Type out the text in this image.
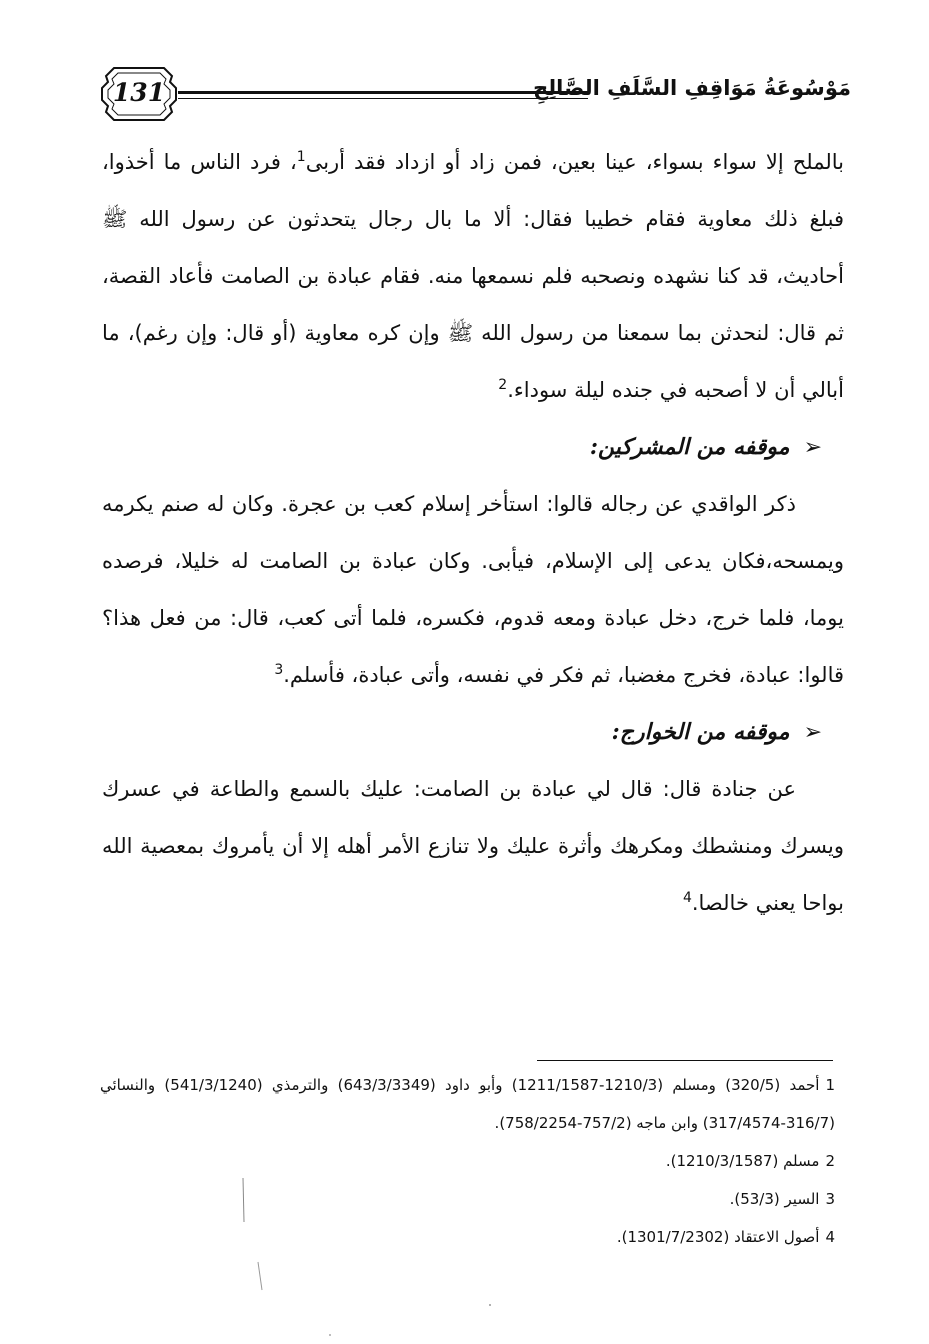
131	مَوْسُوعَةُ مَوَاقِفِ السَّلَفِ الصَّالِحِ

بالملح إلا سواء بسواء، عينا بعين، فمن زاد أو ازداد فقد أربى$^1$، فرد الناس ما أخذوا، فبلغ ذلك معاوية فقام خطيبا فقال: ألا ما بال رجال يتحدثون عن رسول الله ﷺ أحاديث، قد كنا نشهده ونصحبه فلم نسمعها منه. فقام عبادة بن الصامت فأعاد القصة، ثم قال: لنحدثن بما سمعنا من رسول الله ﷺ وإن كره معاوية (أو قال: وإن رغم)، ما أبالي أن لا أصحبه في جنده ليلة سوداء.$^2$

➢موقفه من المشركين:

ذكر الواقدي عن رجاله قالوا: استأخر إسلام كعب بن عجرة. وكان له صنم يكرمه ويمسحه،فكان يدعى إلى الإسلام، فيأبى. وكان عبادة بن الصامت له خليلا، فرصده يوما، فلما خرج، دخل عبادة ومعه قدوم، فكسره، فلما أتى كعب، قال: من فعل هذا؟ قالوا: عبادة، فخرج مغضبا، ثم فكر في نفسه، وأتى عبادة، فأسلم.$^3$

➢موقفه من الخوارج:

عن جنادة قال: قال لي عبادة بن الصامت: عليك بالسمع والطاعة في عسرك ويسرك ومنشطك ومكرهك وأثرة عليك ولا تنازع الأمر أهله إلا أن يأمروك بمعصية الله بواحا يعني خالصا.$^4$

1أحمد (320/5) ومسلم (1210/3-1211/1587) وأبو داود (643/3/3349) والترمذي (541/3/1240) والنسائي (316/7-317/4574) وابن ماجه (757/2-758/2254).

2مسلم (1210/3/1587).

3السير (53/3).

4أصول الاعتقاد (1301/7/2302).
